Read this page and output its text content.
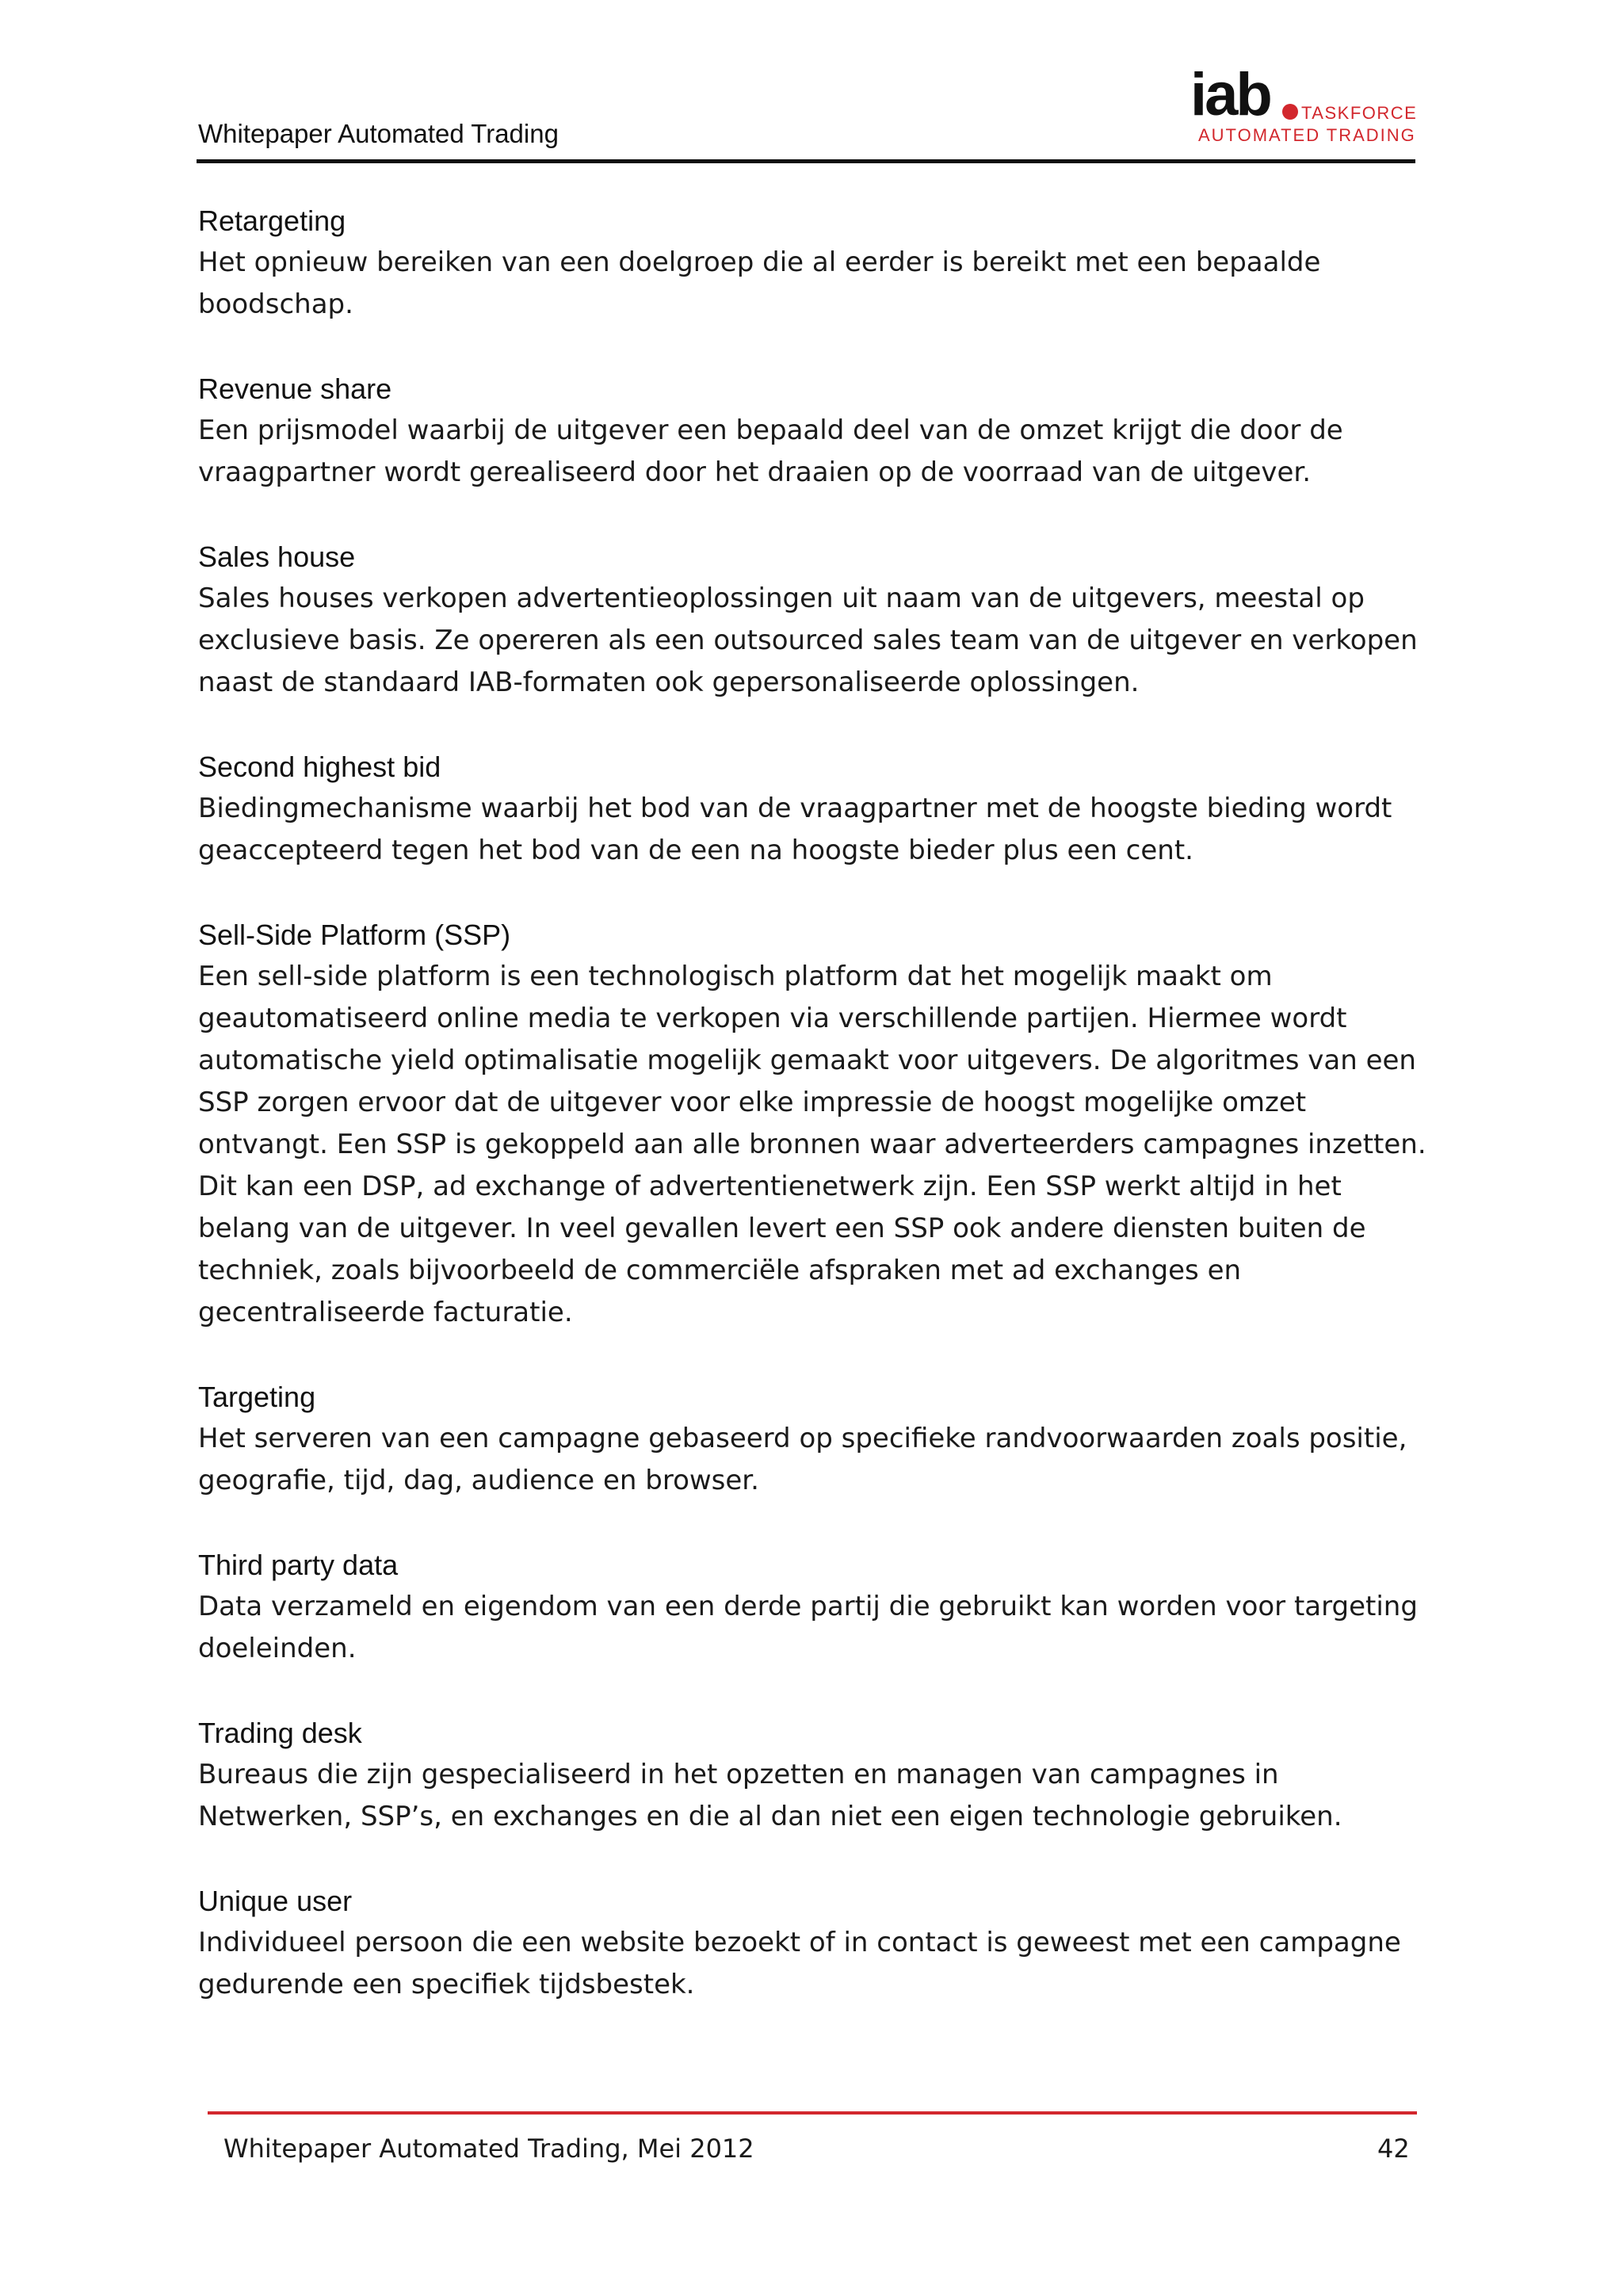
Whitepaper Automated Trading
iab TASKFORCE
AUTOMATED TRADING
Retargeting
Het opnieuw bereiken van een doelgroep die al eerder is bereikt met een bepaalde boodschap.
Revenue share
Een prijsmodel waarbij de uitgever een bepaald deel van de omzet krijgt die door de vraagpartner wordt gerealiseerd door het draaien op de voorraad van de uitgever.
Sales house
Sales houses verkopen advertentieoplossingen uit naam van de uitgevers, meestal op exclusieve basis. Ze opereren als een outsourced sales team van de uitgever en verkopen naast de standaard IAB-formaten ook gepersonaliseerde oplossingen.
Second highest bid
Biedingmechanisme waarbij het bod van de vraagpartner met de hoogste bieding wordt geaccepteerd tegen het bod van de een na hoogste bieder plus een cent.
Sell-Side Platform (SSP)
Een sell-side platform is een technologisch platform dat het mogelijk maakt om geautomatiseerd online media te verkopen via verschillende partijen. Hiermee wordt automatische yield optimalisatie mogelijk gemaakt voor uitgevers. De algoritmes van een SSP zorgen ervoor dat de uitgever voor elke impressie de hoogst mogelijke omzet ontvangt. Een SSP is gekoppeld aan alle bronnen waar adverteerders campagnes inzetten. Dit kan een DSP, ad exchange of advertentienetwerk zijn. Een SSP werkt altijd in het belang van de uitgever. In veel gevallen levert een SSP ook andere diensten buiten de techniek, zoals bijvoorbeeld de commerciële afspraken met ad exchanges en gecentraliseerde facturatie.
Targeting
Het serveren van een campagne gebaseerd op specifieke randvoorwaarden zoals positie, geografie, tijd, dag, audience en browser.
Third party data
Data verzameld en eigendom van een derde partij die gebruikt kan worden voor targeting doeleinden.
Trading desk
Bureaus die zijn gespecialiseerd in het opzetten en managen van campagnes in Netwerken, SSP’s, en exchanges en die al dan niet een eigen technologie gebruiken.
Unique user
Individueel persoon die een website bezoekt of in contact is geweest met een campagne gedurende een specifiek tijdsbestek.
Whitepaper Automated Trading, Mei 2012	42
